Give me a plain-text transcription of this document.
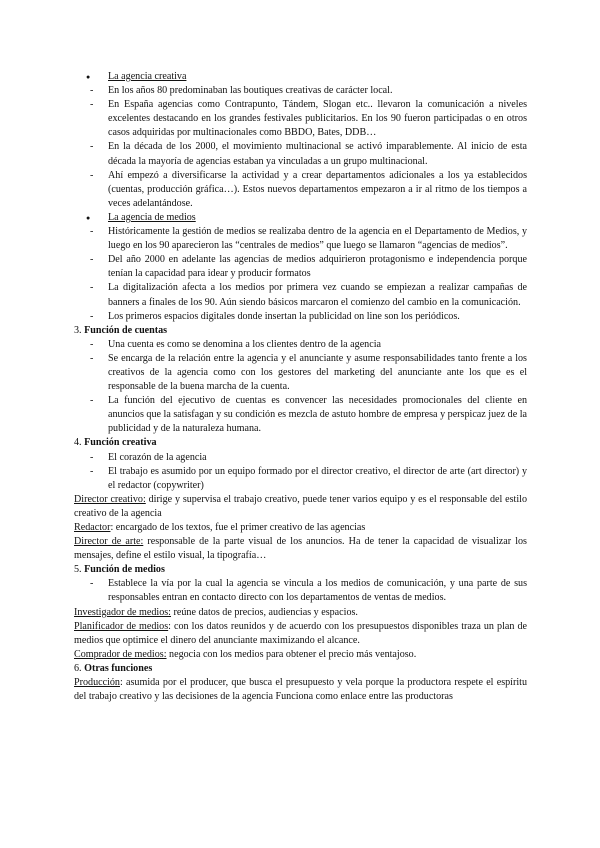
● La agencia creativa
- En los años 80 predominaban las boutiques creativas de carácter local.
- En España agencias como Contrapunto, Tándem, Slogan etc.. llevaron la comunicación a niveles excelentes destacando en los grandes festivales publicitarios. En los 90 fueron participadas o en otros casos adquiridas por multinacionales como BBDO, Bates, DDB…
- En la década de los 2000, el movimiento multinacional se activó imparablemente. Al inicio de esta década la mayoría de agencias estaban ya vinculadas a un grupo multinacional.
- Ahí empezó a diversificarse la actividad y a crear departamentos adicionales a los ya establecidos (cuentas, producción gráfica…). Estos nuevos departamentos empezaron a ir al ritmo de los tiempos a veces adelantándose.
● La agencia de medios
- Históricamente la gestión de medios se realizaba dentro de la agencia en el Departamento de Medios, y luego en los 90 aparecieron las “centrales de medios” que luego se llamaron “agencias de medios”.
- Del año 2000 en adelante las agencias de medios adquirieron protagonismo e independencia porque tenían la capacidad para idear y producir formatos
- La digitalización afecta a los medios por primera vez cuando se empiezan a realizar campañas de banners a finales de los 90. Aún siendo básicos marcaron el comienzo del cambio en la comunicación.
- Los primeros espacios digitales donde insertan la publicidad on line son los periódicos.

3. Función de cuentas

- Una cuenta es como se denomina a los clientes dentro de la agencia
- Se encarga de la relación entre la agencia y el anunciante y asume responsabilidades tanto frente a los creativos de la agencia como con los gestores del marketing del anunciante ante los que es el responsable de la buena marcha de la cuenta.
- La función del ejecutivo de cuentas es convencer las necesidades promocionales del cliente en anuncios que la satisfagan y su condición es mezcla de astuto hombre de empresa y perspicaz juez de la publicidad y de la naturaleza humana.

4. Función creativa

- El corazón de la agencia
- El trabajo es asumido por un equipo formado por el director creativo, el director de arte (art director) y el redactor (copywriter)

Director creativo: dirige y supervisa el trabajo creativo, puede tener varios equipo y es el responsable del estilo creativo de la agencia

Redactor: encargado de los textos, fue el primer creativo de las agencias

Director de arte: responsable de la parte visual de los anuncios. Ha de tener la capacidad de visualizar los mensajes, define el estilo visual, la tipografía…

5. Función de medios

- Establece la vía por la cual la agencia se vincula a los medios de comunicación, y una parte de sus responsables entran en contacto directo con los departamentos de ventas de medios.

Investigador de medios: reúne datos de precios, audiencias y espacios.

Planificador de medios: con los datos reunidos y de acuerdo con los presupuestos disponibles traza un plan de medios que optimice el dinero del anunciante maximizando el alcance.

Comprador de medios: negocia con los medios para obtener el precio más ventajoso.

6. Otras funciones

Producción: asumida por el producer, que busca el presupuesto y vela porque la productora respete el espíritu del trabajo creativo y las decisiones de la agencia Funciona como enlace entre las productoras
